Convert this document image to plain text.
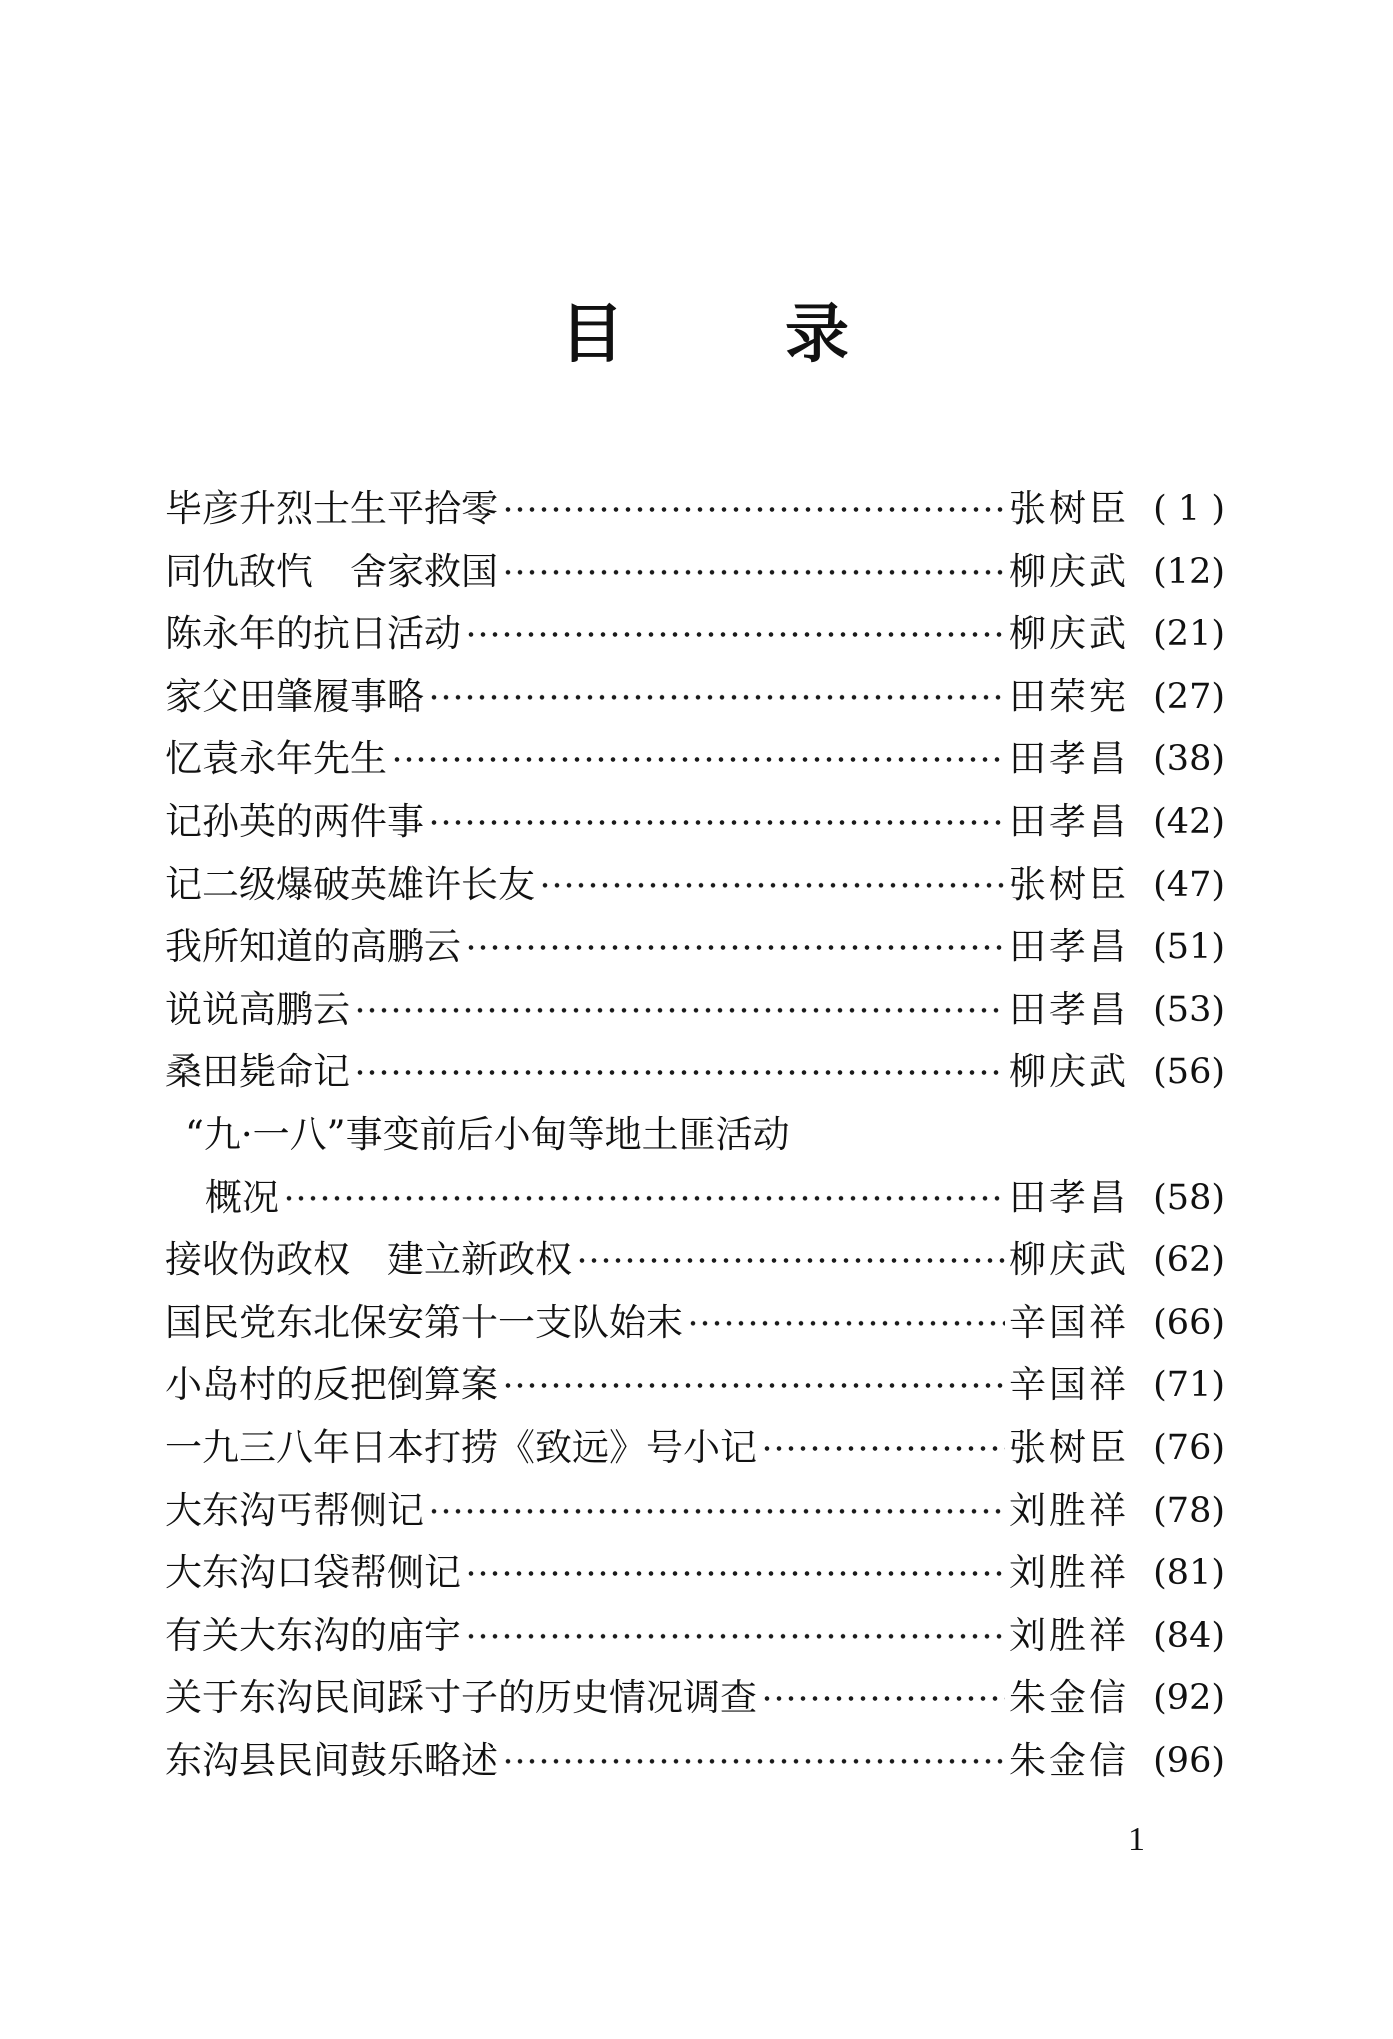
目	录
毕彦升烈士生平拾零	张树臣 ( 1 )
同仇敌忾　舍家救国	柳庆武 (12)
陈永年的抗日活动	柳庆武 (21)
家父田肇履事略	田荣宪 (27)
忆袁永年先生	田孝昌 (38)
记孙英的两件事	田孝昌 (42)
记二级爆破英雄许长友	张树臣 (47)
我所知道的高鹏云	田孝昌 (51)
说说高鹏云	田孝昌 (53)
桑田毙命记	柳庆武 (56)
“九·一八”事变前后小甸等地土匪活动
概况	田孝昌 (58)
接收伪政权　建立新政权	柳庆武 (62)
国民党东北保安第十一支队始末	辛国祥 (66)
小岛村的反把倒算案	辛国祥 (71)
一九三八年日本打捞《致远》号小记	张树臣 (76)
大东沟丐帮侧记	刘胜祥 (78)
大东沟口袋帮侧记	刘胜祥 (81)
有关大东沟的庙宇	刘胜祥 (84)
关于东沟民间踩寸子的历史情况调查	朱金信 (92)
东沟县民间鼓乐略述	朱金信 (96)
1
